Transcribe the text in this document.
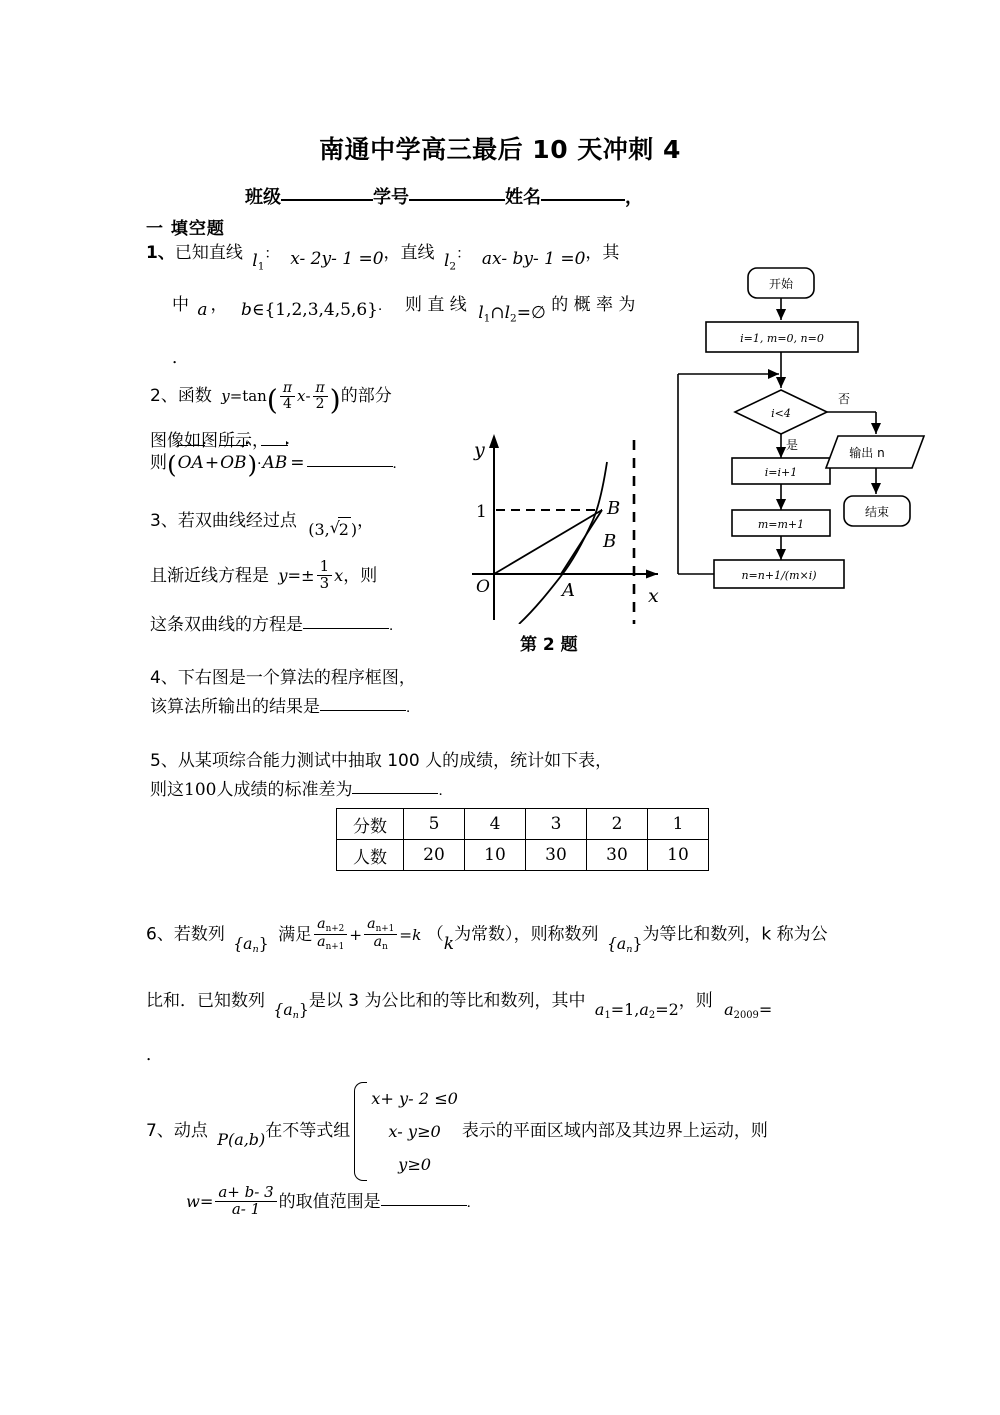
南通中学高三最后 10 天冲刺 4
班级	学号	姓名	，
一 填空题
1、已知直线 l1： x- 2y- 1 =0，直线 l2： ax- by- 1 =0，其
中 a ， b∈{1,2,3,4,5,6}． 则 直 线 l1∩l2=∅ 的 概 率 为
．
2、函数 $y=\tan( \frac{\pi}{4} x- \frac{\pi}{2}$ )的部分
图像如图所示，
则(OA+OB)·AB =	．
3、若双曲线经过点 (3, √ 2 )，
且渐近线方程是 $y=\pm \frac{1}{3}$ x，则
这条双曲线的方程是	．
4、下右图是一个算法的程序框图，
该算法所输出的结果是	．
5、从某项综合能力测试中抽取 100 人的成绩，统计如下表，
则这100人成绩的标准差为	．
分数	5	4	3	2	1
人数	20	10	30	30	10
6、若数列 $\{a_n\}$ 满足 $\frac{an+2}{an+1} + \frac{an+1}{an} =k$ （k为常数），则称数列 $\{a_n\}$为等比和数列，k 称为公
比和．已知数列 $\{a_n\}$是以 3 为公比和的等比和数列，其中 a1=1,a2=2，则 a2009=
．
7、动点 P(a,b)在不等式组
x+ y- 2 ≤0
x- y≥0
y≥0
表示的平面区域内部及其边界上运动，则
$w= \frac{a+ b- 3}{a- 1}$ 的取值范围是	．
y
x
O
1
A
B
B
第 2 题
开始
i=1, m=0, n=0
i<4
否
是
i=i+1
m=m+1
n=n+1/(m×i)
输出 n
结束
